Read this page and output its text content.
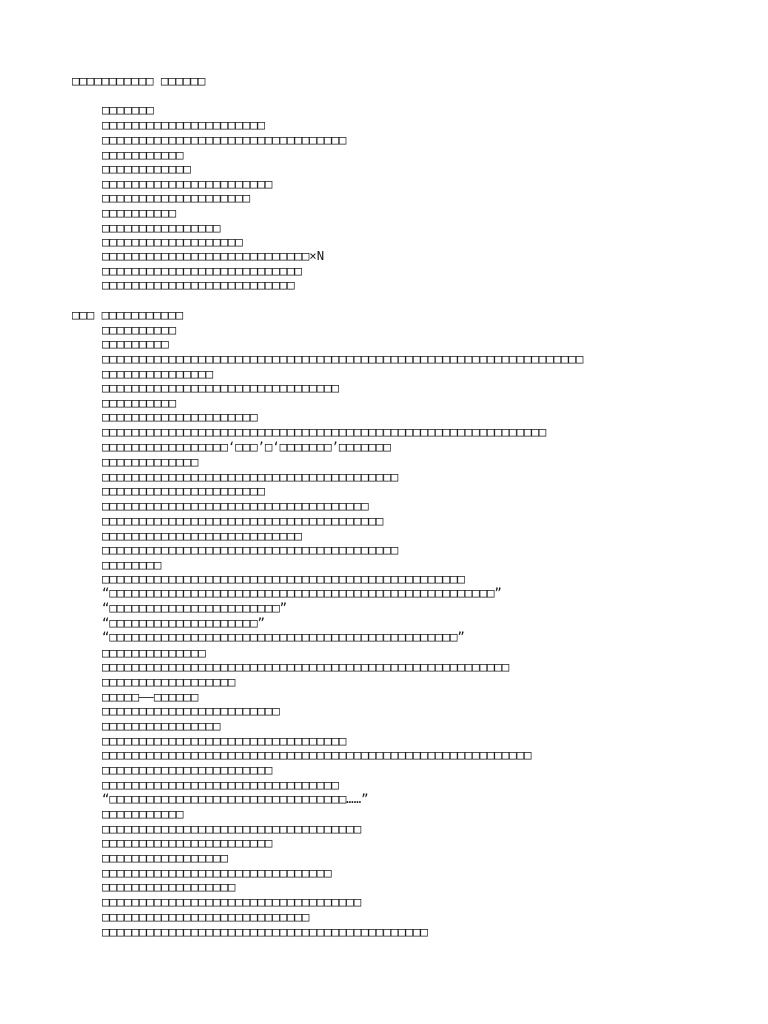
□□□□□□□□□□□ □□□□□□
□□□□□□□
□□□□□□□□□□□□□□□□□□□□□□
□□□□□□□□□□□□□□□□□□□□□□□□□□□□□□□□□
□□□□□□□□□□□
□□□□□□□□□□□□
□□□□□□□□□□□□□□□□□□□□□□□
□□□□□□□□□□□□□□□□□□□□
□□□□□□□□□□
□□□□□□□□□□□□□□□□
□□□□□□□□□□□□□□□□□□□
□□□□□□□□□□□□□□□□□□□□□□□□□□□□×N
□□□□□□□□□□□□□□□□□□□□□□□□□□□
□□□□□□□□□□□□□□□□□□□□□□□□□□
□□□ □□□□□□□□□□□
□□□□□□□□□□
□□□□□□□□□
□□□□□□□□□□□□□□□□□□□□□□□□□□□□□□□□□□□□□□□□□□□□□□□□□□□□□□□□□□□□□□□□□
□□□□□□□□□□□□□□□
□□□□□□□□□□□□□□□□□□□□□□□□□□□□□□□□
□□□□□□□□□□
□□□□□□□□□□□□□□□□□□□□□
□□□□□□□□□□□□□□□□□□□□□□□□□□□□□□□□□□□□□□□□□□□□□□□□□□□□□□□□□□□□
□□□□□□□□□□□□□□□□□‘□□□’□‘□□□□□□□’□□□□□□□
□□□□□□□□□□□□□
□□□□□□□□□□□□□□□□□□□□□□□□□□□□□□□□□□□□□□□□
□□□□□□□□□□□□□□□□□□□□□□
□□□□□□□□□□□□□□□□□□□□□□□□□□□□□□□□□□□□
□□□□□□□□□□□□□□□□□□□□□□□□□□□□□□□□□□□□□□
□□□□□□□□□□□□□□□□□□□□□□□□□□□
□□□□□□□□□□□□□□□□□□□□□□□□□□□□□□□□□□□□□□□□
□□□□□□□□
□□□□□□□□□□□□□□□□□□□□□□□□□□□□□□□□□□□□□□□□□□□□□□□□□
“□□□□□□□□□□□□□□□□□□□□□□□□□□□□□□□□□□□□□□□□□□□□□□□□□□□□”
“□□□□□□□□□□□□□□□□□□□□□□□”
“□□□□□□□□□□□□□□□□□□□□”
“□□□□□□□□□□□□□□□□□□□□□□□□□□□□□□□□□□□□□□□□□□□□□□□”
□□□□□□□□□□□□□□
□□□□□□□□□□□□□□□□□□□□□□□□□□□□□□□□□□□□□□□□□□□□□□□□□□□□□□□
□□□□□□□□□□□□□□□□□□
□□□□□——□□□□□□
□□□□□□□□□□□□□□□□□□□□□□□□
□□□□□□□□□□□□□□□□
□□□□□□□□□□□□□□□□□□□□□□□□□□□□□□□□□
□□□□□□□□□□□□□□□□□□□□□□□□□□□□□□□□□□□□□□□□□□□□□□□□□□□□□□□□□□
□□□□□□□□□□□□□□□□□□□□□□□
□□□□□□□□□□□□□□□□□□□□□□□□□□□□□□□□
“□□□□□□□□□□□□□□□□□□□□□□□□□□□□□□□□……”
□□□□□□□□□□□
□□□□□□□□□□□□□□□□□□□□□□□□□□□□□□□□□□□
□□□□□□□□□□□□□□□□□□□□□□□
□□□□□□□□□□□□□□□□□
□□□□□□□□□□□□□□□□□□□□□□□□□□□□□□□
□□□□□□□□□□□□□□□□□□
□□□□□□□□□□□□□□□□□□□□□□□□□□□□□□□□□□□
□□□□□□□□□□□□□□□□□□□□□□□□□□□□
□□□□□□□□□□□□□□□□□□□□□□□□□□□□□□□□□□□□□□□□□□□□
